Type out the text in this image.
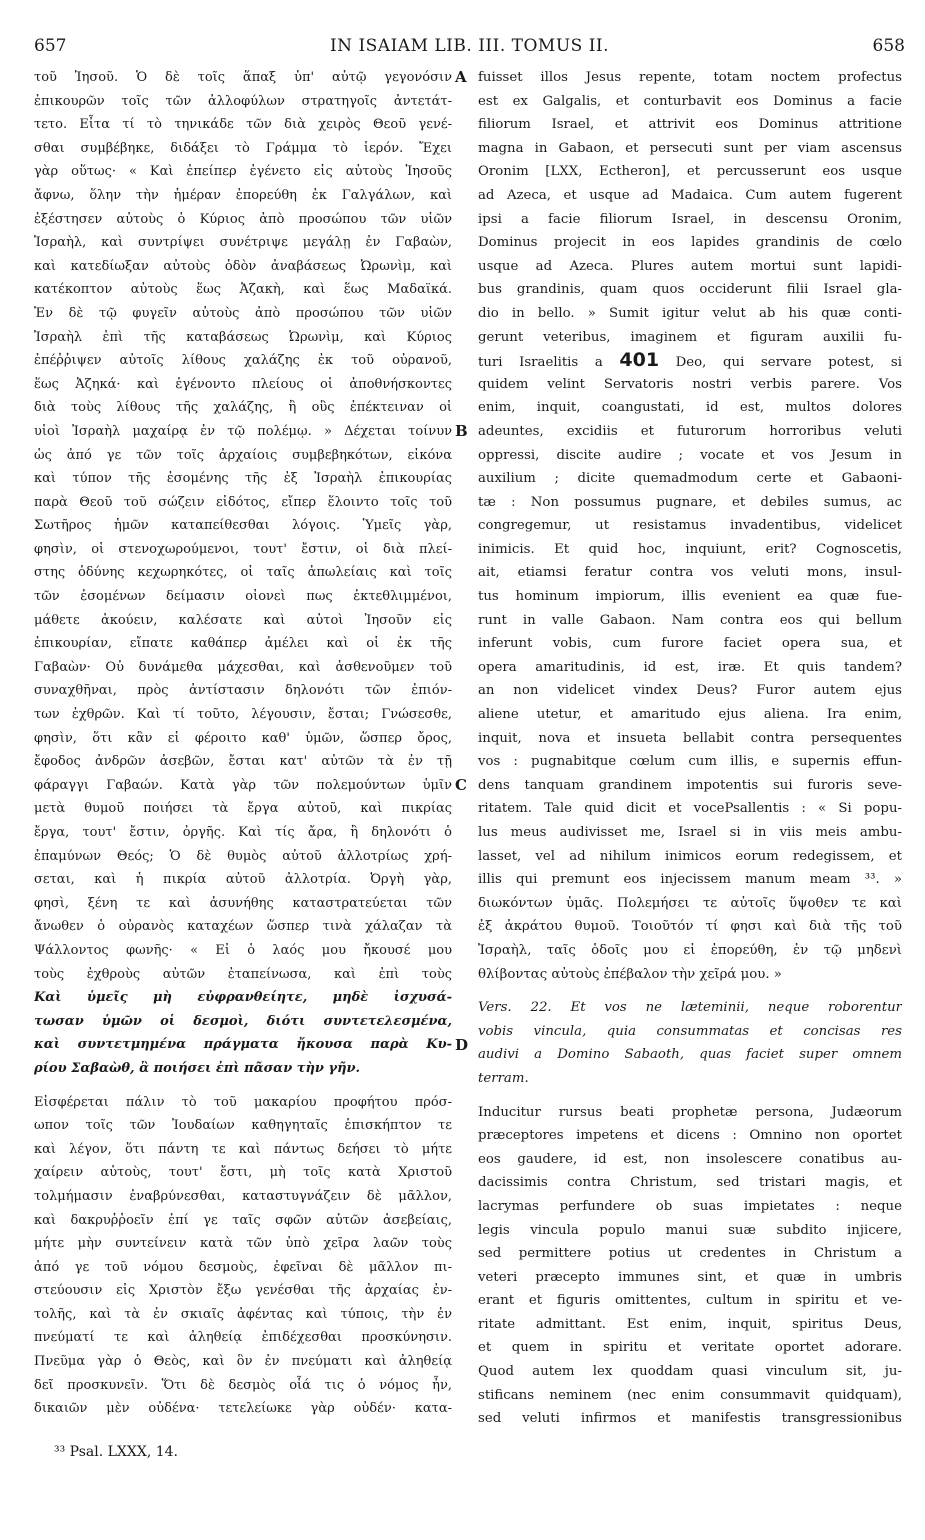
657	IN ISAIAM LIB. III. TOMUS II.	658
A
B
C
D
τοῦ Ἰησοῦ. Ὁ δὲ τοῖς ἅπαξ ὑπ' αὐτῷ γεγονόσιν
ἐπικουρῶν τοῖς τῶν ἀλλοφύλων στρατηγοῖς ἀντετάτ-
τετο. Εἶτα τί τὸ τηνικάδε τῶν διὰ χειρὸς Θεοῦ γενέ-
σθαι συμβέβηκε, διδάξει τὸ Γράμμα τὸ ἱερόν. Ἔχει
γὰρ οὕτως· « Καὶ ἐπείπερ ἐγένετο εἰς αὐτοὺς Ἰησοῦς
ἄφνω, ὅλην τὴν ἡμέραν ἐπορεύθη ἐκ Γαλγάλων, καὶ
ἐξέστησεν αὐτοὺς ὁ Κύριος ἀπὸ προσώπου τῶν υἱῶν
Ἰσραὴλ, καὶ συντρίψει συνέτριψε μεγάλῃ ἐν Γαβαὼν,
καὶ κατεδίωξαν αὐτοὺς ὁδὸν ἀναβάσεως Ὠρωνὶμ, καὶ
κατέκοπτον αὐτοὺς ἕως Ἀζακὴ, καὶ ἕως Μαδαϊκά.
Ἐν δὲ τῷ φυγεῖν αὐτοὺς ἀπὸ προσώπου τῶν υἱῶν
Ἰσραὴλ ἐπὶ τῆς καταβάσεως Ὠρωνὶμ, καὶ Κύριος
ἐπέῤῥιψεν αὐτοῖς λίθους χαλάζης ἐκ τοῦ οὐρανοῦ,
ἕως Ἀζηκά· καὶ ἐγένοντο πλείους οἱ ἀποθνήσκοντες
διὰ τοὺς λίθους τῆς χαλάζης, ἢ οὓς ἐπέκτειναν οἱ
υἱοὶ Ἰσραὴλ μαχαίρᾳ ἐν τῷ πολέμῳ. » Δέχεται τοίνυν
ὡς ἀπό γε τῶν τοῖς ἀρχαίοις συμβεβηκότων, εἰκόνα
καὶ τύπον τῆς ἐσομένης τῆς ἐξ Ἰσραὴλ ἐπικουρίας
παρὰ Θεοῦ τοῦ σώζειν εἰδότος, εἴπερ ἕλοιντο τοῖς τοῦ
Σωτῆρος ἡμῶν καταπείθεσθαι λόγοις. Ὑμεῖς γὰρ,
φησὶν, οἱ στενοχωρούμενοι, τουτ' ἔστιν, οἱ διὰ πλεί-
στης ὀδύνης κεχωρηκότες, οἱ ταῖς ἀπωλείαις καὶ τοῖς
τῶν ἐσομένων δείμασιν οἱονεὶ πως ἐκτεθλιμμένοι,
μάθετε ἀκούειν, καλέσατε καὶ αὐτοὶ Ἰησοῦν εἰς
ἐπικουρίαν, εἴπατε καθάπερ ἀμέλει καὶ οἱ ἐκ τῆς
Γαβαὼν· Οὐ δυνάμεθα μάχεσθαι, καὶ ἀσθενοῦμεν τοῦ
συναχθῆναι, πρὸς ἀντίστασιν δηλονότι τῶν ἐπιόν-
των ἐχθρῶν. Καὶ τί τοῦτο, λέγουσιν, ἔσται; Γνώσεσθε,
φησὶν, ὅτι κἂν εἰ φέροιτο καθ' ὑμῶν, ὥσπερ ὄρος,
ἔφοδος ἀνδρῶν ἀσεβῶν, ἔσται κατ' αὐτῶν τὰ ἐν τῇ
φάραγγι Γαβαών. Κατὰ γὰρ τῶν πολεμούντων ὑμῖν
μετὰ θυμοῦ ποιήσει τὰ ἔργα αὐτοῦ, καὶ πικρίας
ἔργα, τουτ' ἔστιν, ὀργῆς. Καὶ τίς ἄρα, ἢ δηλονότι ὁ
ἐπαμύνων Θεός; Ὁ δὲ θυμὸς αὐτοῦ ἀλλοτρίως χρή-
σεται, καὶ ἡ πικρία αὐτοῦ ἀλλοτρία. Ὀργὴ γὰρ,
φησὶ, ξένη τε καὶ ἀσυνήθης καταστρατεύεται τῶν
ἄνωθεν ὁ οὐρανὸς καταχέων ὥσπερ τινὰ χάλαζαν τὰ
Ψάλλοντος φωνῆς· « Εἰ ὁ λαός μου ἤκουσέ μου
τοὺς ἐχθροὺς αὐτῶν ἐταπείνωσα, καὶ ἐπὶ τοὺς
Καὶ ὑμεῖς μὴ εὐφρανθείητε, μηδὲ ἰσχυσά-
τωσαν ὑμῶν οἱ δεσμοὶ, διότι συντετελεσμένα,
καὶ συντετμημένα πράγματα ἤκουσα παρὰ Κυ-
ρίου Σαβαὼθ, ἃ ποιήσει ἐπὶ πᾶσαν τὴν γῆν.
Εἰσφέρεται πάλιν τὸ τοῦ μακαρίου προφήτου πρόσ-
ωπον τοῖς τῶν Ἰουδαίων καθηγηταῖς ἐπισκήπτον τε
καὶ λέγον, ὅτι πάντη τε καὶ πάντως δεήσει τὸ μήτε
χαίρειν αὐτοὺς, τουτ' ἔστι, μὴ τοῖς κατὰ Χριστοῦ
τολμήμασιν ἐναβρύνεσθαι, καταστυγνάζειν δὲ μᾶλλον,
καὶ δακρυῤῥοεῖν ἐπί γε ταῖς σφῶν αὐτῶν ἀσεβείαις,
μήτε μὴν συντείνειν κατὰ τῶν ὑπὸ χεῖρα λαῶν τοὺς
ἀπό γε τοῦ νόμου δεσμοὺς, ἐφεῖναι δὲ μᾶλλον πι-
στεύουσιν εἰς Χριστὸν ἔξω γενέσθαι τῆς ἀρχαίας ἐν-
τολῆς, καὶ τὰ ἐν σκιαῖς ἀφέντας καὶ τύποις, τὴν ἐν
πνεύματί τε καὶ ἀληθείᾳ ἐπιδέχεσθαι προσκύνησιν.
Πνεῦμα γὰρ ὁ Θεὸς, καὶ ὃν ἐν πνεύματι καὶ ἀληθείᾳ
δεῖ προσκυνεῖν. Ὅτι δὲ δεσμὸς οἷά τις ὁ νόμος ἦν,
δικαιῶν μὲν οὐδένα· τετελείωκε γὰρ οὐδέν· κατα-
fuisset illos Jesus repente, totam noctem profectus
est ex Galgalis, et conturbavit eos Dominus a facie
filiorum Israel, et attrivit eos Dominus attritione
magna in Gabaon, et persecuti sunt per viam ascensus
Oronim [LXX, Ectheron], et percusserunt eos usque
ad Azeca, et usque ad Madaica. Cum autem fugerent
ipsi a facie filiorum Israel, in descensu Oronim,
Dominus projecit in eos lapides grandinis de cœlo
usque ad Azeca. Plures autem mortui sunt lapidi-
bus grandinis, quam quos occiderunt filii Israel gla-
dio in bello. » Sumit igitur velut ab his quæ conti-
gerunt veteribus, imaginem et figuram auxilii fu-
turi Israelitis a 401 Deo, qui servare potest, si
quidem velint Servatoris nostri verbis parere. Vos
enim, inquit, coangustati, id est, multos dolores
adeuntes, excidiis et futurorum horroribus veluti
oppressi, discite audire ; vocate et vos Jesum in
auxilium ; dicite quemadmodum certe et Gabaoni-
tæ : Non possumus pugnare, et debiles sumus, ac
congregemur, ut resistamus invadentibus, videlicet
inimicis. Et quid hoc, inquiunt, erit? Cognoscetis,
ait, etiamsi feratur contra vos veluti mons, insul-
tus hominum impiorum, illis evenient ea quæ fue-
runt in valle Gabaon. Nam contra eos qui bellum
inferunt vobis, cum furore faciet opera sua, et
opera amaritudinis, id est, iræ. Et quis tandem?
an non videlicet vindex Deus? Furor autem ejus
aliene utetur, et amaritudo ejus aliena. Ira enim,
inquit, nova et insueta bellabit contra persequentes
vos : pugnabitque cœlum cum illis, e supernis effun-
dens tanquam grandinem impotentis sui furoris seve-
ritatem. Tale quid dicit et vocePsallentis : « Si popu-
lus meus audivisset me, Israel si in viis meis ambu-
lasset, vel ad nihilum inimicos eorum redegissem, et
illis qui premunt eos injecissem manum meam ³³. »
διωκόντων ὑμᾶς. Πολεμήσει τε αὐτοῖς ὕψοθεν τε καὶ
ἐξ ἀκράτου θυμοῦ. Τοιοῦτόν τί φησι καὶ διὰ τῆς τοῦ
Ἰσραὴλ, ταῖς ὁδοῖς μου εἰ ἐπορεύθη, ἐν τῷ μηδενὶ
θλίβοντας αὐτοὺς ἐπέβαλον τὴν χεῖρά μου. »
Vers. 22. Et vos ne læteminii, neque roborentur
vobis vincula, quia consummatas et concisas res
audivi a Domino Sabaoth, quas faciet super omnem
terram.
Inducitur rursus beati prophetæ persona, Judæorum
præceptores impetens et dicens : Omnino non oportet
eos gaudere, id est, non insolescere conatibus au-
dacissimis contra Christum, sed tristari magis, et
lacrymas perfundere ob suas impietates : neque
legis vincula populo manui suæ subdito injicere,
sed permittere potius ut credentes in Christum a
veteri præcepto immunes sint, et quæ in umbris
erant et figuris omittentes, cultum in spiritu et ve-
ritate admittant. Est enim, inquit, spiritus Deus,
et quem in spiritu et veritate oportet adorare.
Quod autem lex quoddam quasi vinculum sit, ju-
stificans neminem (nec enim consummavit quidquam),
sed veluti infirmos et manifestis transgressionibus
³³ Psal. LXXX, 14.
